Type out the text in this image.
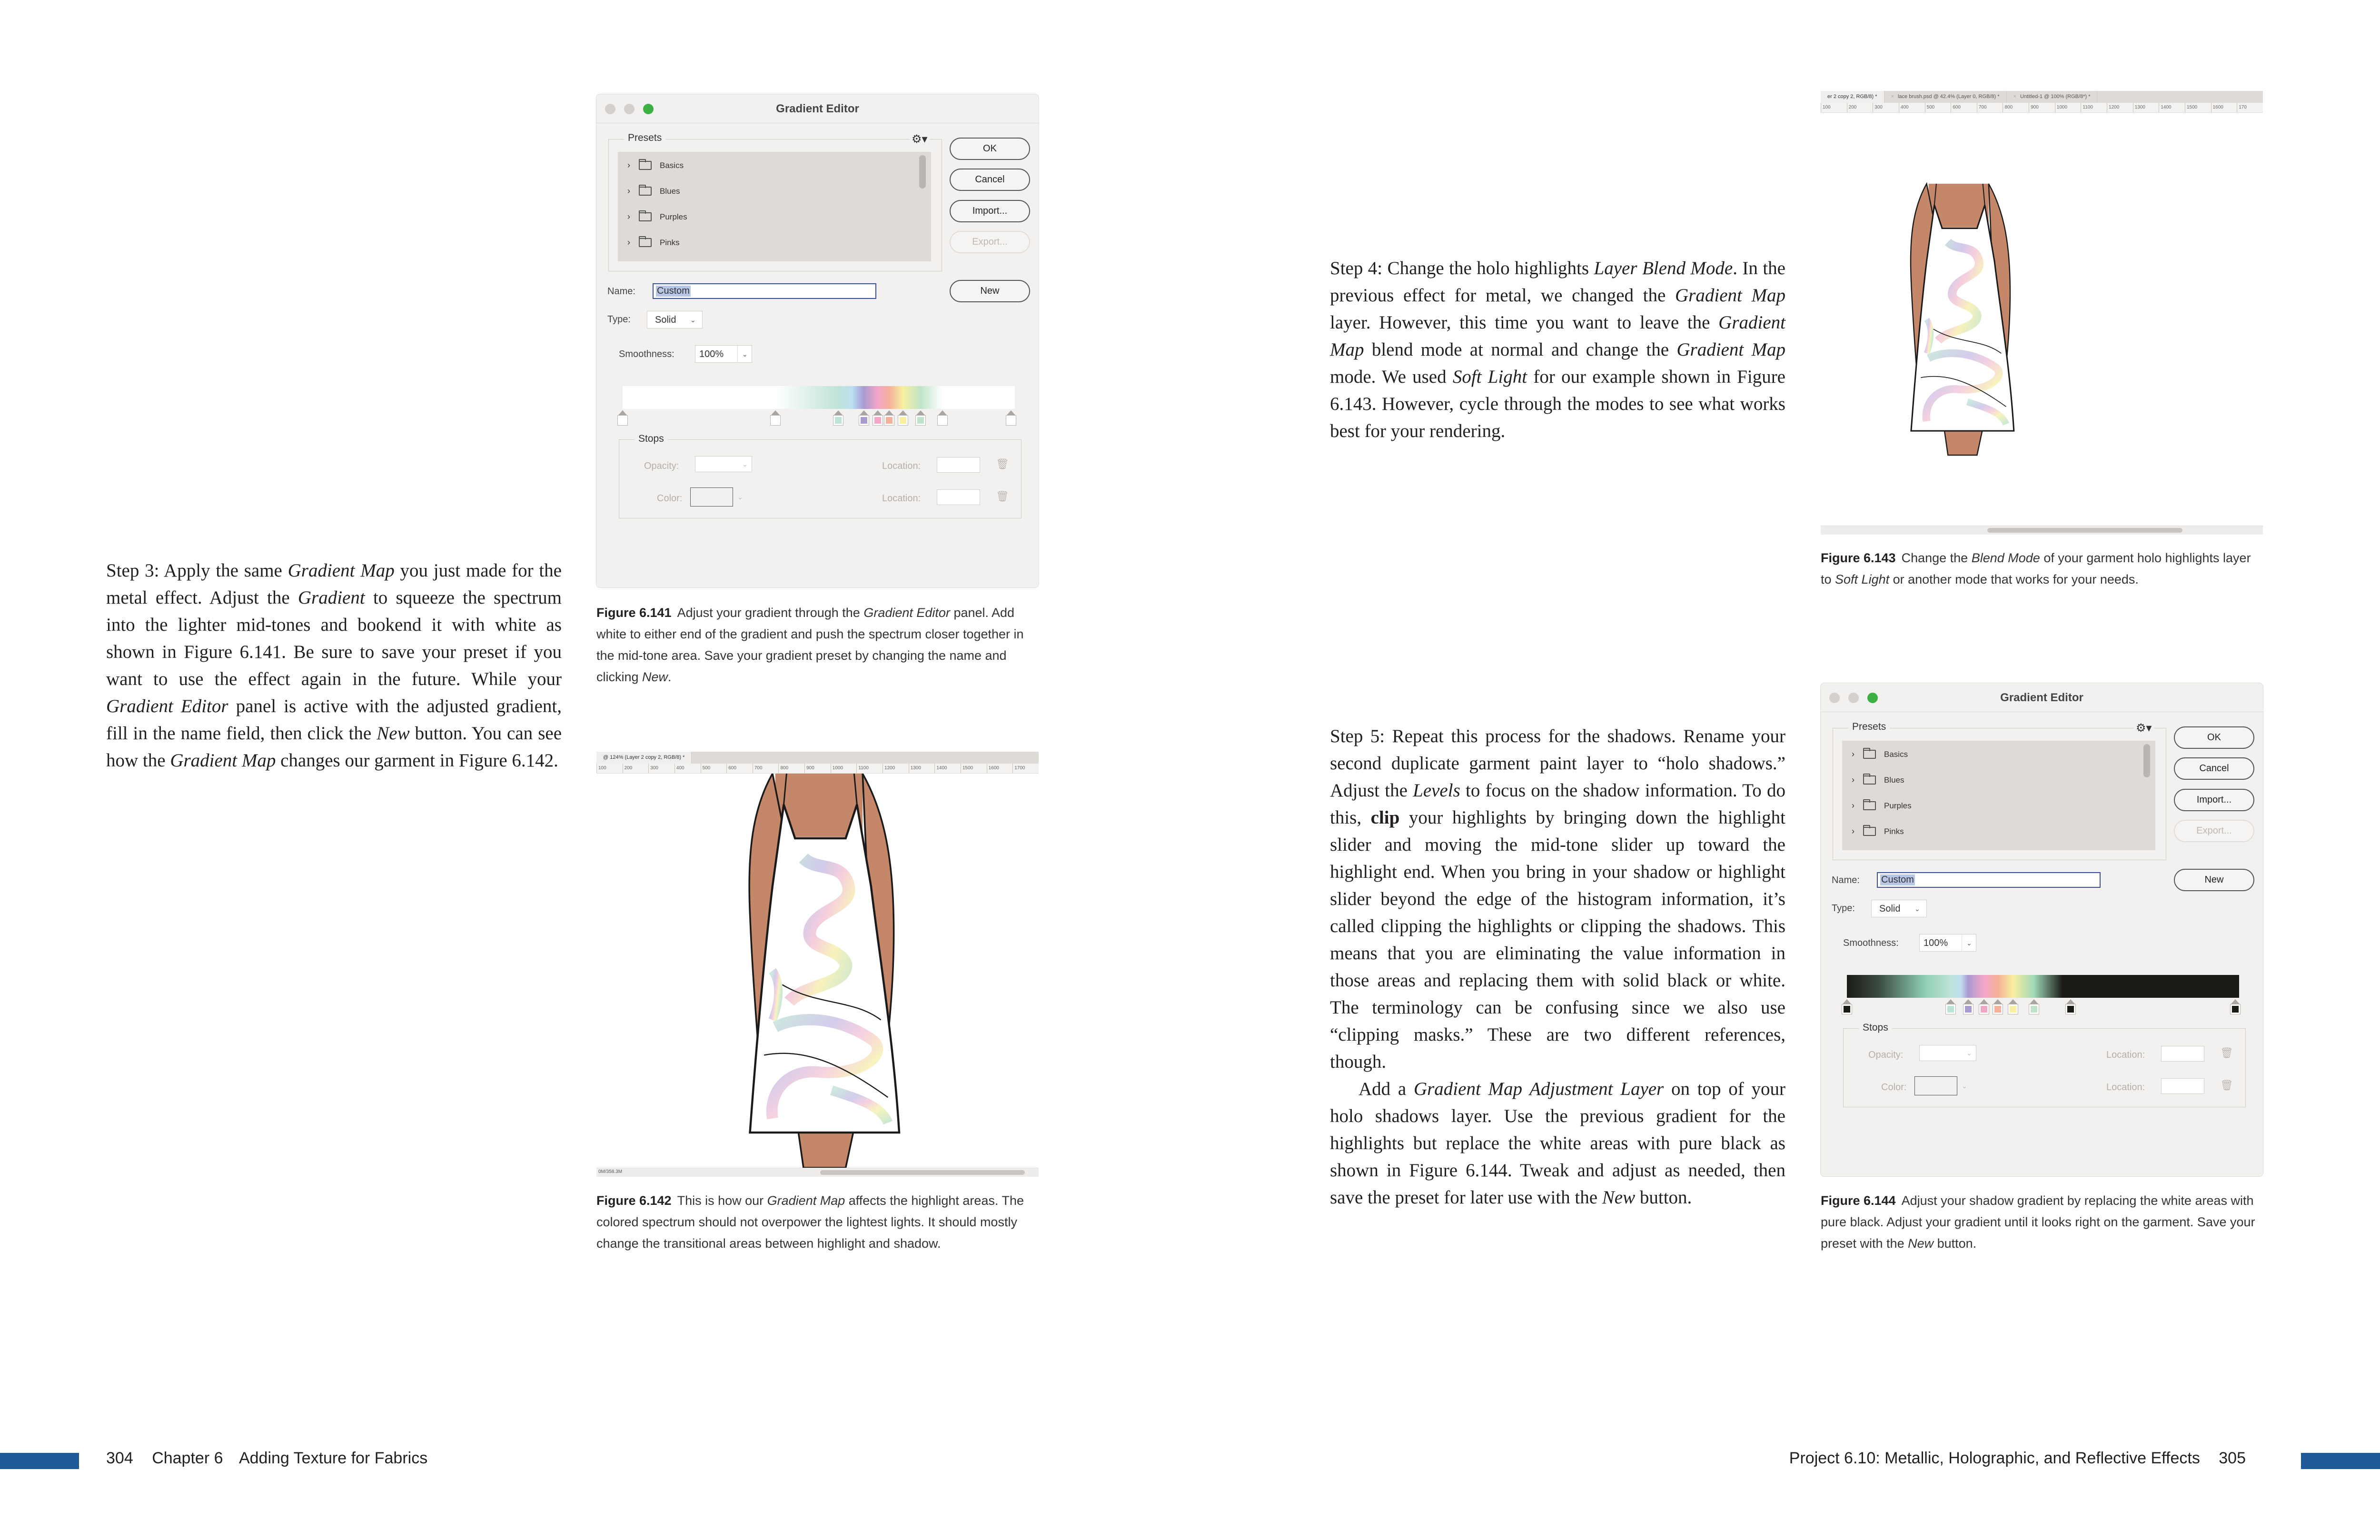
Step 3: Apply the same Gradient Map you just made for the metal effect. Adjust the Gradient to squeeze the spectrum into the lighter mid-tones and bookend it with white as shown in Figure 6.141. Be sure to save your preset if you want to use the effect again in the future. While your Gradient Editor panel is active with the adjusted gradient, fill in the name field, then click the New button. You can see how the Gradient Map changes our garment in Figure 6.142.

Gradient Editor
Presets	⚙▾
›	Basics
›	Blues
›	Purples
›	Pinks
OK
Cancel
Import...
Export...
New
Name:	Custom
Type:	Solid ⌄
Smoothness:	100%	⌄
Stops
Opacity:	⌄	Location:	🗑
Color:	⌄	Location:	🗑
Figure 6.141 Adjust your gradient through the Gradient Editor panel. Add white to either end of the gradient and push the spectrum closer together in the mid-tone area. Save your gradient preset by changing the name and clicking New.
@ 124% (Layer 2 copy 2, RGB/8) *
100	200	300	400	500	600	700	800	900	1000	1100	1200	1300	1400	1500	1600	1700
0M/358.3M
Figure 6.142 This is how our Gradient Map affects the highlight areas. The colored spectrum should not overpower the lightest lights. It should mostly change the transitional areas between highlight and shadow.

Step 4: Change the holo highlights Layer Blend Mode. In the previous effect for metal, we changed the Gradient Map layer. However, this time you want to leave the Gradient Map blend mode at normal and change the Gradient Map mode. We used Soft Light for our example shown in Figure 6.143. However, cycle through the modes to see what works best for your rendering.

er 2 copy 2, RGB/8) *	× lace brush.psd @ 42.4% (Layer 0, RGB/8) *	× Untitled-1 @ 100% (RGB/8*) *
100	200	300	400	500	600	700	800	900	1000	1100	1200	1300	1400	1500	1600	170
Figure 6.143 Change the Blend Mode of your garment holo highlights layer to Soft Light or another mode that works for your needs.

Step 5: Repeat this process for the shadows. Rename your second duplicate garment paint layer to “holo shadows.” Adjust the Levels to focus on the shadow information. To do this, clip your highlights by bringing down the highlight slider and moving the mid-tone slider up toward the highlight end. When you bring in your shadow or highlight slider beyond the edge of the histogram information, it’s called clipping the highlights or clipping the shadows. This means that you are eliminating the value information in those areas and replacing them with solid black or white. The terminology can be confusing since we also use “clipping masks.” These are two different references, though.

Add a Gradient Map Adjustment Layer on top of your holo shadows layer. Use the previous gradient for the highlights but replace the white areas with pure black as shown in Figure 6.144. Tweak and adjust as needed, then save the preset for later use with the New button.

Gradient Editor
Presets	⚙▾
›	Basics
›	Blues
›	Purples
›	Pinks
OK
Cancel
Import...
Export...
New
Name:	Custom
Type:	Solid ⌄
Smoothness:	100%	⌄
Stops
Opacity:	⌄	Location:	🗑
Color:	⌄	Location:	🗑
Figure 6.144 Adjust your shadow gradient by replacing the white areas with pure black. Adjust your gradient until it looks right on the garment. Save your preset with the New button.
304 Chapter 6 Adding Texture for Fabrics	Project 6.10: Metallic, Holographic, and Reflective Effects 305
